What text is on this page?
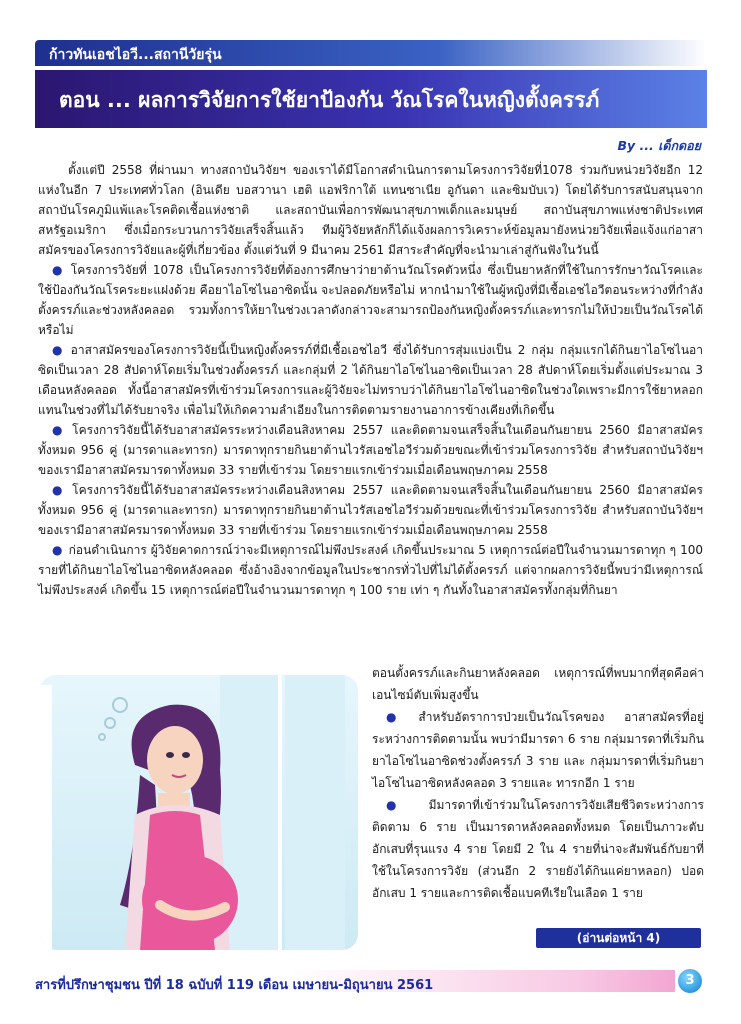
ก้าวทันเอชไอวี...สถานีวัยรุ่น
ตอน ... ผลการวิจัยการใช้ยาป้องกัน วัณโรคในหญิงตั้งครรภ์
By ... เด็กดอย

ตั้งแต่ปี 2558 ที่ผ่านมา ทางสถาบันวิจัยฯ ของเราได้มีโอกาสดำเนินการตามโครงการวิจัยที่1078 ร่วมกับหน่วยวิจัยอีก 12 แห่งในอีก 7 ประเทศทั่วโลก (อินเดีย บอสวานา เฮติ แอฟริกาใต้ แทนซาเนีย อูกันดา และซิมบับเว) โดยได้รับการสนับสนุนจากสถาบันโรคภูมิแพ้และโรคติดเชื้อแห่งชาติ และสถาบันเพื่อการพัฒนาสุขภาพเด็กและมนุษย์ สถาบันสุขภาพแห่งชาติประเทศสหรัฐอเมริกา ซึ่งเมื่อกระบวนการวิจัยเสร็จสิ้นแล้ว ทีมผู้วิจัยหลักก็ได้แจ้งผลการวิเคราะห์ข้อมูลมายังหน่วยวิจัยเพื่อแจ้งแก่อาสาสมัครของโครงการวิจัยและผู้ที่เกี่ยวข้อง ตั้งแต่วันที่ 9 มีนาคม 2561 มีสาระสำคัญที่จะนำมาเล่าสู่กันฟังในวันนี้

● โครงการวิจัยที่ 1078 เป็นโครงการวิจัยที่ต้องการศึกษาว่ายาต้านวัณโรคตัวหนึ่ง ซึ่งเป็นยาหลักที่ใช้ในการรักษาวัณโรคและใช้ป้องกันวัณโรคระยะแฝงด้วย คือยาไอโซไนอาซิดนั้น จะปลอดภัยหรือไม่ หากนำมาใช้ในผู้หญิงที่มีเชื้อเอชไอวีตอนระหว่างที่กำลังตั้งครรภ์และช่วงหลังคลอด รวมทั้งการให้ยาในช่วงเวลาดังกล่าวจะสามารถป้องกันหญิงตั้งครรภ์และทารกไม่ให้ป่วยเป็นวัณโรคได้หรือไม่

● อาสาสมัครของโครงการวิจัยนี้เป็นหญิงตั้งครรภ์ที่มีเชื้อเอชไอวี ซึ่งได้รับการสุ่มแบ่งเป็น 2 กลุ่ม กลุ่มแรกได้กินยาไอโซไนอาซิดเป็นเวลา 28 สัปดาห์โดยเริ่มในช่วงตั้งครรภ์ และกลุ่มที่ 2 ได้กินยาไอโซไนอาซิดเป็นเวลา 28 สัปดาห์โดยเริ่มตั้งแต่ประมาณ 3 เดือนหลังคลอด ทั้งนี้อาสาสมัครที่เข้าร่วมโครงการและผู้วิจัยจะไม่ทราบว่าได้กินยาไอโซไนอาซิดในช่วงใดเพราะมีการใช้ยาหลอกแทนในช่วงที่ไม่ได้รับยาจริง เพื่อไม่ให้เกิดความลำเอียงในการติดตามรายงานอาการข้างเคียงที่เกิดขึ้น

● โครงการวิจัยนี้ได้รับอาสาสมัครระหว่างเดือนสิงหาคม 2557 และติดตามจนเสร็จสิ้นในเดือนกันยายน 2560 มีอาสาสมัครทั้งหมด 956 คู่ (มารดาและทารก) มารดาทุกรายกินยาต้านไวรัสเอชไอวีร่วมด้วยขณะที่เข้าร่วมโครงการวิจัย สำหรับสถาบันวิจัยฯ ของเรามีอาสาสมัครมารดาทั้งหมด 33 รายที่เข้าร่วม โดยรายแรกเข้าร่วมเมื่อเดือนพฤษภาคม 2558

● โครงการวิจัยนี้ได้รับอาสาสมัครระหว่างเดือนสิงหาคม 2557 และติดตามจนเสร็จสิ้นในเดือนกันยายน 2560 มีอาสาสมัครทั้งหมด 956 คู่ (มารดาและทารก) มารดาทุกรายกินยาต้านไวรัสเอชไอวีร่วมด้วยขณะที่เข้าร่วมโครงการวิจัย สำหรับสถาบันวิจัยฯ ของเรามีอาสาสมัครมารดาทั้งหมด 33 รายที่เข้าร่วม โดยรายแรกเข้าร่วมเมื่อเดือนพฤษภาคม 2558

● ก่อนดำเนินการ ผู้วิจัยคาดการณ์ว่าจะมีเหตุการณ์ไม่พึงประสงค์ เกิดขึ้นประมาณ 5 เหตุการณ์ต่อปีในจำนวนมารดาทุก ๆ 100 รายที่ได้กินยาไอโซไนอาซิดหลังคลอด ซึ่งอ้างอิงจากข้อมูลในประชากรทั่วไปที่ไม่ได้ตั้งครรภ์ แต่จากผลการวิจัยนี้พบว่ามีเหตุการณ์ไม่พึงประสงค์ เกิดขึ้น 15 เหตุการณ์ต่อปีในจำนวนมารดาทุก ๆ 100 ราย เท่า ๆ กันทั้งในอาสาสมัครทั้งกลุ่มที่กินยา

ตอนตั้งครรภ์และกินยาหลังคลอด เหตุการณ์ที่พบมากที่สุดคือค่าเอนไซม์ตับเพิ่มสูงขึ้น

● สำหรับอัตราการป่วยเป็นวัณโรคของ อาสาสมัครที่อยู่ระหว่างการติดตามนั้น พบว่ามีมารดา 6 ราย กลุ่มมารดาที่เริ่มกินยาไอโซไนอาซิดช่วงตั้งครรภ์ 3 ราย และ กลุ่มมารดาที่เริ่มกินยาไอโซไนอาซิดหลังคลอด 3 รายและ ทารกอีก 1 ราย

● มีมารดาที่เข้าร่วมในโครงการวิจัยเสียชีวิตระหว่างการติดตาม 6 ราย เป็นมารดาหลังคลอดทั้งหมด โดยเป็นภาวะตับอักเสบที่รุนแรง 4 ราย โดยมี 2 ใน 4 รายที่น่าจะสัมพันธ์กับยาที่ใช้ในโครงการวิจัย (ส่วนอีก 2 รายยังได้กินแค่ยาหลอก) ปอดอักเสบ 1 รายและการติดเชื้อแบคทีเรียในเลือด 1 ราย

(อ่านต่อหน้า 4)
สารที่ปรึกษาชุมชน ปีที่ 18 ฉบับที่ 119 เดือน เมษายน-มิถุนายน 2561	3
